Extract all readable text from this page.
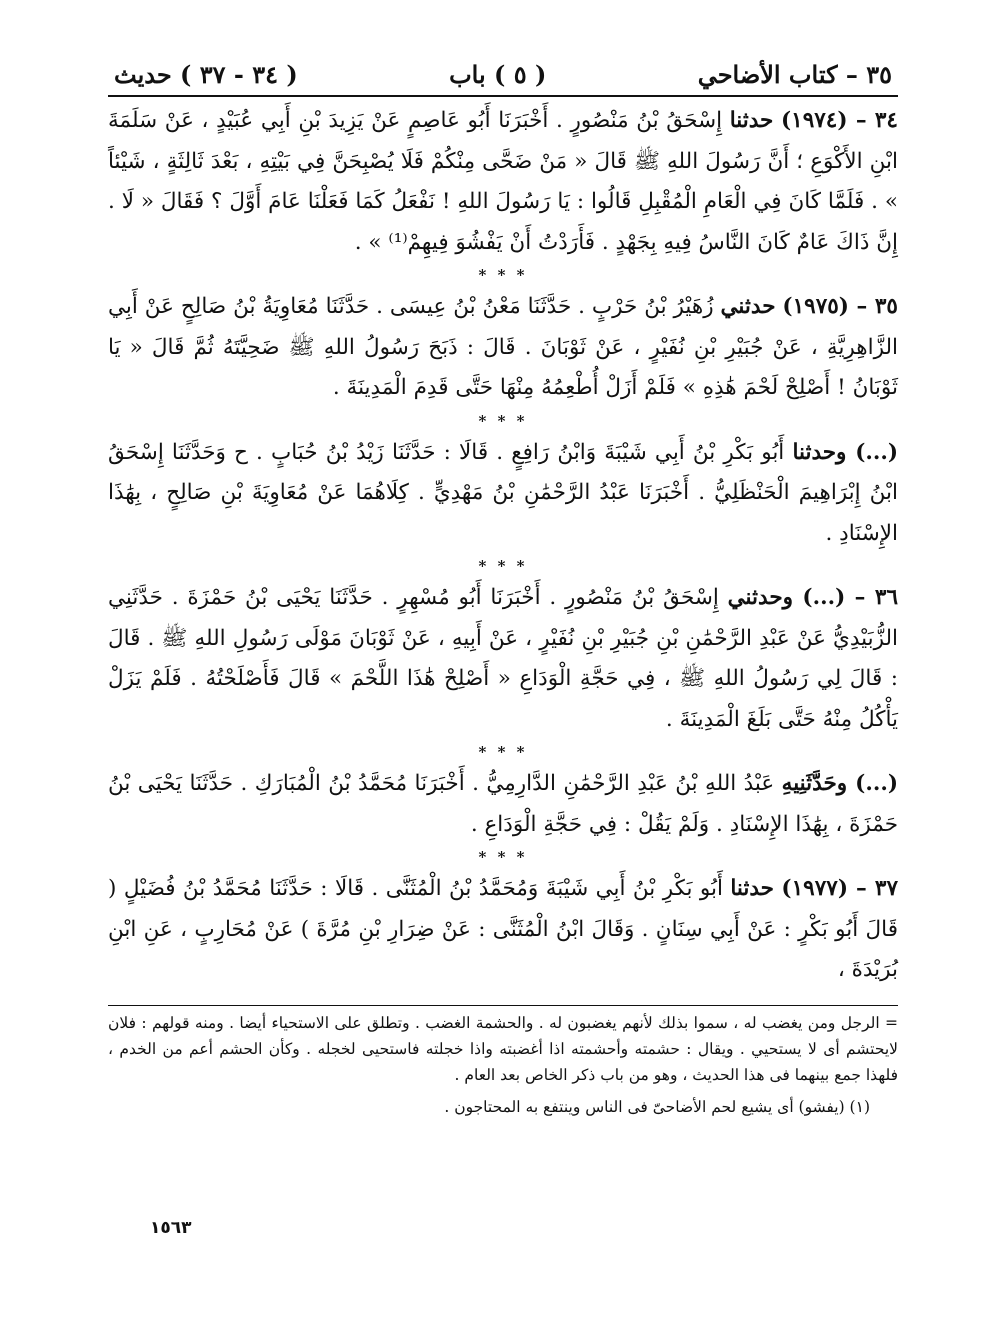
٣٥ – كتاب الأضاحي
( ٥ ) باب
( ٣٤ - ٣٧ ) حديث

٣٤ – (١٩٧٤) حدثنا إِسْحَقُ بْنُ مَنْصُورٍ . أَخْبَرَنَا أَبُو عَاصِمٍ عَنْ يَزِيدَ بْنِ أَبِي عُبَيْدٍ ، عَنْ سَلَمَةَ ابْنِ الأَكْوَعِ ؛ أَنَّ رَسُولَ اللهِ ﷺ قَالَ « مَنْ ضَحَّى مِنْكُمْ فَلَا يُصْبِحَنَّ فِي بَيْتِهِ ، بَعْدَ ثَالِثَةٍ ، شَيْئاً » . فَلَمَّا كَانَ فِي الْعَامِ الْمُقْبِلِ قَالُوا : يَا رَسُولَ اللهِ ! نَفْعَلُ كَمَا فَعَلْنَا عَامَ أَوَّلَ ؟ فَقَالَ « لَا . إِنَّ ذَاكَ عَامٌ كَانَ النَّاسُ فِيهِ بِجَهْدٍ . فَأَرَدْتُ أَنْ يَفْشُوَ فِيهِمْ⁽¹⁾ » .

* * *

٣٥ – (١٩٧٥) حدثني زُهَيْرُ بْنُ حَرْبٍ . حَدَّثَنَا مَعْنُ بْنُ عِيسَى . حَدَّثَنَا مُعَاوِيَةُ بْنُ صَالِحٍ عَنْ أَبِي الزَّاهِرِيَّةِ ، عَنْ جُبَيْرِ بْنِ نُفَيْرٍ ، عَنْ ثَوْبَانَ . قَالَ : ذَبَحَ رَسُولُ اللهِ ﷺ ضَحِيَّتَهُ ثُمَّ قَالَ « يَا ثَوْبَانُ ! أَصْلِحْ لَحْمَ هَٰذِهِ » فَلَمْ أَزَلْ أُطْعِمُهُ مِنْهَا حَتَّى قَدِمَ الْمَدِينَةَ .

* * *

(...) وحدثنا أَبُو بَكْرِ بْنُ أَبِي شَيْبَةَ وَابْنُ رَافِعٍ . قَالَا : حَدَّثَنَا زَيْدُ بْنُ حُبَابٍ . ح وَحَدَّثَنَا إِسْحَقُ ابْنُ إِبْرَاهِيمَ الْحَنْظَلِيُّ . أَخْبَرَنَا عَبْدُ الرَّحْمَٰنِ بْنُ مَهْدِيٍّ . كِلَاهُمَا عَنْ مُعَاوِيَةَ بْنِ صَالِحٍ ، بِهَٰذَا الإِسْنَادِ .

* * *

٣٦ – (...) وحدثني إِسْحَقُ بْنُ مَنْصُورٍ . أَخْبَرَنَا أَبُو مُسْهِرٍ . حَدَّثَنَا يَحْيَى بْنُ حَمْزَةَ . حَدَّثَنِي الزُّبَيْدِيُّ عَنْ عَبْدِ الرَّحْمَٰنِ بْنِ جُبَيْرِ بْنِ نُفَيْرٍ ، عَنْ أَبِيهِ ، عَنْ ثَوْبَانَ مَوْلَى رَسُولِ اللهِ ﷺ . قَالَ : قَالَ لِي رَسُولُ اللهِ ﷺ ، فِي حَجَّةِ الْوَدَاعِ « أَصْلِحْ هَٰذَا اللَّحْمَ » قَالَ فَأَصْلَحْتُهُ . فَلَمْ يَزَلْ يَأْكُلُ مِنْهُ حَتَّى بَلَغَ الْمَدِينَةَ .

* * *

(...) وحَدَّثَنِيهِ عَبْدُ اللهِ بْنُ عَبْدِ الرَّحْمَٰنِ الدَّارِمِيُّ . أَخْبَرَنَا مُحَمَّدُ بْنُ الْمُبَارَكِ . حَدَّثَنَا يَحْيَى بْنُ حَمْزَةَ ، بِهَٰذَا الإِسْنَادِ . وَلَمْ يَقُلْ : فِي حَجَّةِ الْوَدَاعِ .

* * *

٣٧ – (١٩٧٧) حدثنا أَبُو بَكْرِ بْنُ أَبِي شَيْبَةَ وَمُحَمَّدُ بْنُ الْمُثَنَّى . قَالَا : حَدَّثَنَا مُحَمَّدُ بْنُ فُضَيْلٍ ( قَالَ أَبُو بَكْرٍ : عَنْ أَبِي سِنَانٍ . وَقَالَ ابْنُ الْمُثَنَّى : عَنْ ضِرَارِ بْنِ مُرَّةَ ) عَنْ مُحَارِبٍ ، عَنِ ابْنِ بُرَيْدَةَ ،

= الرجل ومن يغضب له ، سموا بذلك لأنهم يغضبون له . والحشمة الغضب . وتطلق على الاستحياء أيضا . ومنه قولهم : فلان لايحتشم أى لا يستحيي . ويقال : حشمته وأحشمته اذا أغضبته واذا خجلته فاستحيى لخجله . وكأن الحشم أعم من الخدم ، فلهذا جمع بينهما فى هذا الحديث ، وهو من باب ذكر الخاص بعد العام .

(١) (يفشو) أى يشيع لحم الأضاحىّ فى الناس وينتفع به المحتاجون .

١٥٦٣
